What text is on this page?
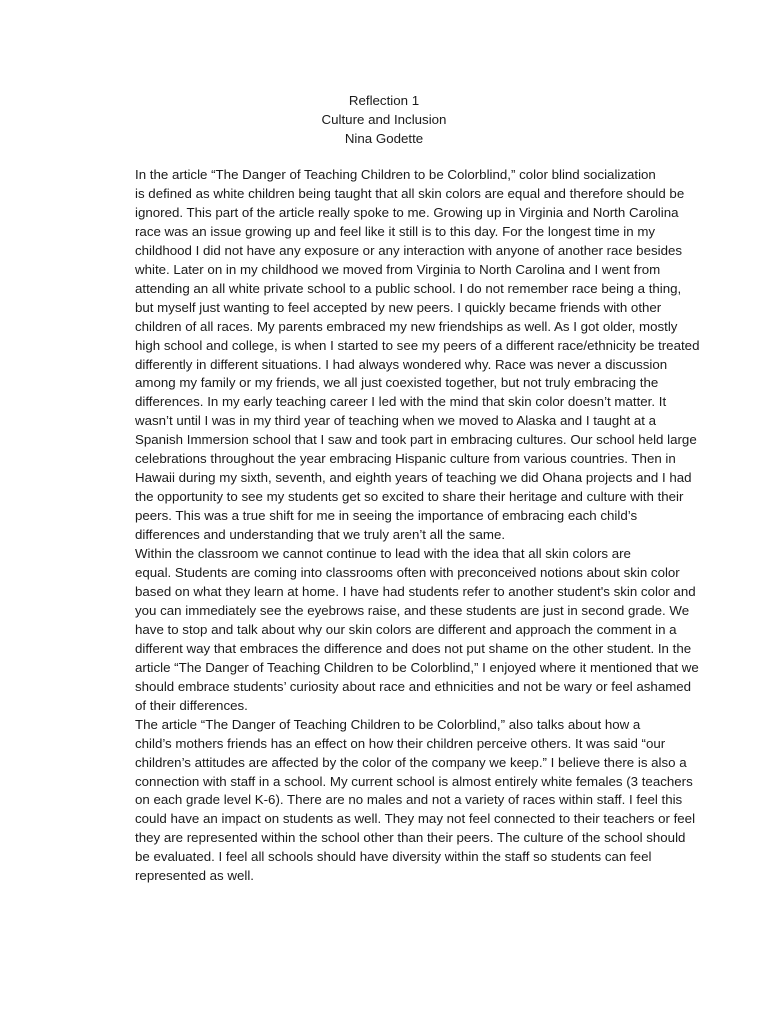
Reflection 1
Culture and Inclusion
Nina Godette

In the article “The Danger of Teaching Children to be Colorblind,” color blind socialization
is defined as white children being taught that all skin colors are equal and therefore should be
ignored. This part of the article really spoke to me. Growing up in Virginia and North Carolina
race was an issue growing up and feel like it still is to this day. For the longest time in my
childhood I did not have any exposure or any interaction with anyone of another race besides
white. Later on in my childhood we moved from Virginia to North Carolina and I went from
attending an all white private school to a public school. I do not remember race being a thing,
but myself just wanting to feel accepted by new peers. I quickly became friends with other
children of all races. My parents embraced my new friendships as well. As I got older, mostly
high school and college, is when I started to see my peers of a different race/ethnicity be treated
differently in different situations. I had always wondered why. Race was never a discussion
among my family or my friends, we all just coexisted together, but not truly embracing the
differences. In my early teaching career I led with the mind that skin color doesn’t matter. It
wasn’t until I was in my third year of teaching when we moved to Alaska and I taught at a
Spanish Immersion school that I saw and took part in embracing cultures. Our school held large
celebrations throughout the year embracing Hispanic culture from various countries. Then in
Hawaii during my sixth, seventh, and eighth years of teaching we did Ohana projects and I had
the opportunity to see my students get so excited to share their heritage and culture with their
peers. This was a true shift for me in seeing the importance of embracing each child’s
differences and understanding that we truly aren’t all the same.

Within the classroom we cannot continue to lead with the idea that all skin colors are
equal. Students are coming into classrooms often with preconceived notions about skin color
based on what they learn at home. I have had students refer to another student's skin color and
you can immediately see the eyebrows raise, and these students are just in second grade. We
have to stop and talk about why our skin colors are different and approach the comment in a
different way that embraces the difference and does not put shame on the other student. In the
article “The Danger of Teaching Children to be Colorblind,” I enjoyed where it mentioned that we
should embrace students’ curiosity about race and ethnicities and not be wary or feel ashamed
of their differences.

The article “The Danger of Teaching Children to be Colorblind,” also talks about how a
child’s mothers friends has an effect on how their children perceive others. It was said “our
children’s attitudes are affected by the color of the company we keep.” I believe there is also a
connection with staff in a school. My current school is almost entirely white females (3 teachers
on each grade level K-6). There are no males and not a variety of races within staff. I feel this
could have an impact on students as well. They may not feel connected to their teachers or feel
they are represented within the school other than their peers. The culture of the school should
be evaluated. I feel all schools should have diversity within the staff so students can feel
represented as well.
